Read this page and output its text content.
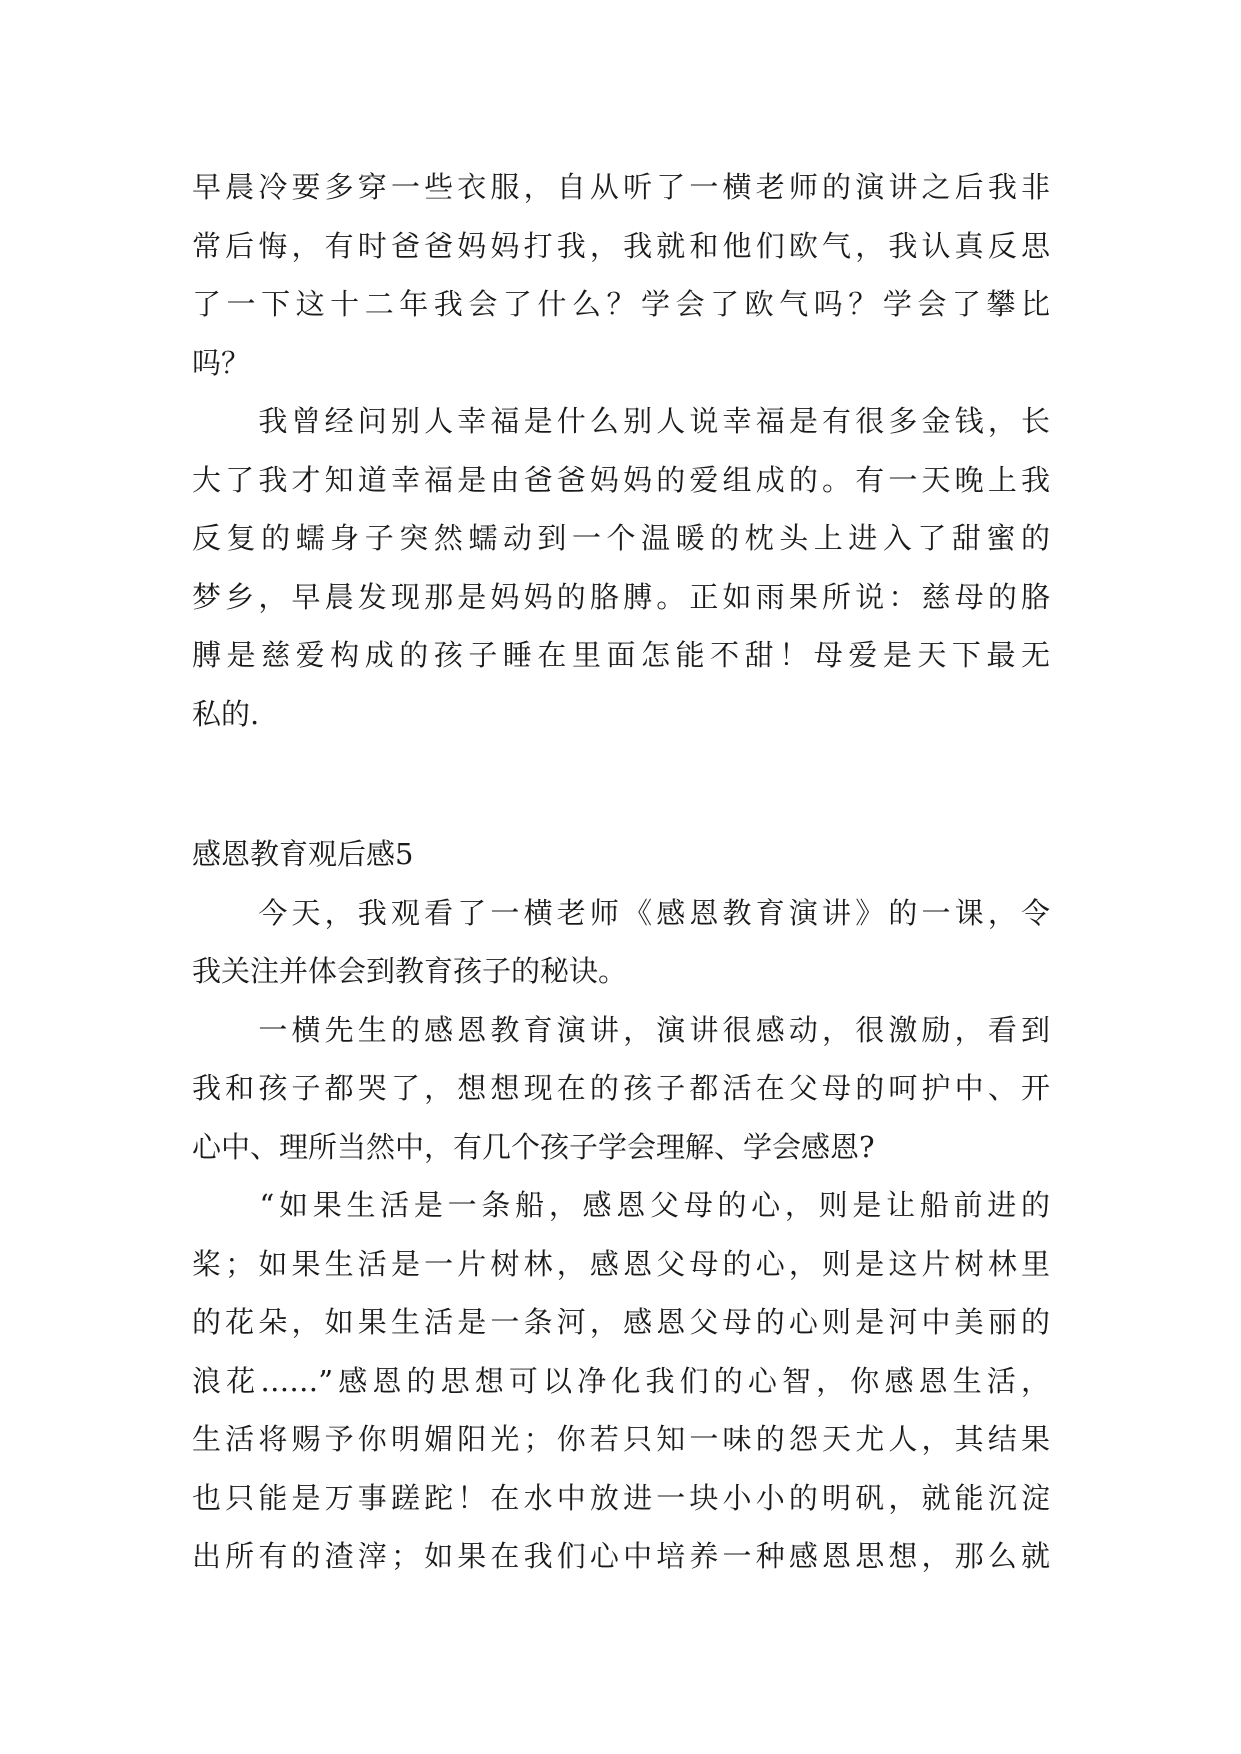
早晨冷要多穿一些衣服，自从听了一横老师的演讲之后我非
常后悔，有时爸爸妈妈打我，我就和他们欧气，我认真反思
了一下这十二年我会了什么？学会了欧气吗？学会了攀比
吗？
　　我曾经问别人幸福是什么别人说幸福是有很多金钱，长
大了我才知道幸福是由爸爸妈妈的爱组成的。有一天晚上我
反复的蠕身子突然蠕动到一个温暖的枕头上进入了甜蜜的
梦乡，早晨发现那是妈妈的胳膊。正如雨果所说：慈母的胳
膊是慈爱构成的孩子睡在里面怎能不甜！母爱是天下最无
私的.
感恩教育观后感5
　　今天，我观看了一横老师《感恩教育演讲》的一课，令
我关注并体会到教育孩子的秘诀。
　　一横先生的感恩教育演讲，演讲很感动，很激励，看到
我和孩子都哭了，想想现在的孩子都活在父母的呵护中、开
心中、理所当然中，有几个孩子学会理解、学会感恩?
　　“如果生活是一条船，感恩父母的心，则是让船前进的
桨；如果生活是一片树林，感恩父母的心，则是这片树林里
的花朵，如果生活是一条河，感恩父母的心则是河中美丽的
浪花……”感恩的思想可以净化我们的心智，你感恩生活，
生活将赐予你明媚阳光；你若只知一味的怨天尤人，其结果
也只能是万事蹉跎！在水中放进一块小小的明矾，就能沉淀
出所有的渣滓；如果在我们心中培养一种感恩思想，那么就
